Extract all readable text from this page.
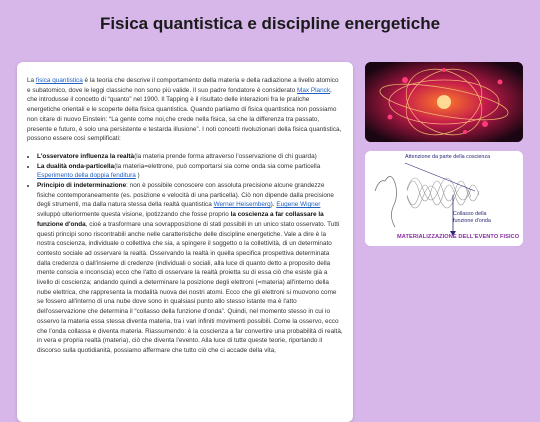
Fisica quantistica e discipline energetiche

La fisica quantistica è la teoria che descrive il comportamento della materia e della radiazione a livello atomico e subatomico, dove le leggi classiche non sono più valide. Il suo padre fondatore è considerato Max Planck, che introdusse il concetto di “quanto” nel 1900. Il Tapping è il risultato delle interazioni fra le pratiche energetiche orientali e le scoperte della fisica quantistica. Quando parliamo di fisica quantistica non possiamo non citare di nuovo Einstein: “La gente come noi,che crede nella fisica, sa che la differenza tra passato, presente e futuro, è solo una persistente e testarda illusione”. I noti concetti rivoluzionari della fisica quantistica, possono essere così semplificati:

• L'osservatore influenza la realtà(la materia prende forma attraverso l'osservazione di chi guarda)
• La dualità onda-particella(la materia=elettrone, può comportarsi sia come onda sia come particella Esperimento della doppia fenditura )
• Principio di indeterminazione: non è possibile conoscere con assoluta precisione alcune grandezze fisiche contemporaneamente (es. posizione e velocità di una particella). Ciò non dipende dalla precisione degli strumenti, ma dalla natura stessa della realtà quantistica Werner Heisemberg). Eugene Wigner sviluppò ulteriormente questa visione, ipotizzando che fosse proprio la coscienza a far collassare la funzione d'onda, cioè a trasformare una sovrapposizione di stati possibili in un unico stato osservato. Tutti questi principi sono riscontrabili anche nelle caratteristiche delle discipline energetiche. Vale a dire è la nostra coscienza, individuale o collettiva che sia, a spingere il soggetto o la collettività, di un determinato contesto sociale ad osservare la realtà. Osservando la realtà in quella specifica prospettiva determinata dalla credenza o dall'insieme di credenze (individuali o sociali, alla luce di quanto detto a proposito della mente conscia e inconscia) ecco che l'atto di osservare la realtà proietta su di essa ciò che esiste già a livello di coscienza; andando quindi a determinare la posizione degli elettroni (=materia) all'interno della nube elettrica, che rappresenta la modalità nuova dei nostri atomi. Ecco che gli elettroni si muovono come se fossero all'interno di una nube dove sono in qualsiasi punto allo stesso istante ma è l'atto dell'osservazione che determina il “collasso della funzione d'onda”. Quindi, nel momento stesso in cui io osservo la materia essa stessa diventa materia, tra i vari infiniti movimenti possibili. Come la osservo, ecco che l'onda collassa e diventa materia. Riassumendo: è la coscienza a far convertire una probabilità di realtà, in vera e propria realtà (materia), ciò che diventa l'evento. Alla luce di tutte queste teorie, riportando il discorso sulla quotidianità, possiamo affermare che tutto ciò che ci accade della vita,
Attenzione da parte della coscienza
Collasso della
funzione d'onda
MATERIALIZZAZIONE DELL'EVENTO FISICO
